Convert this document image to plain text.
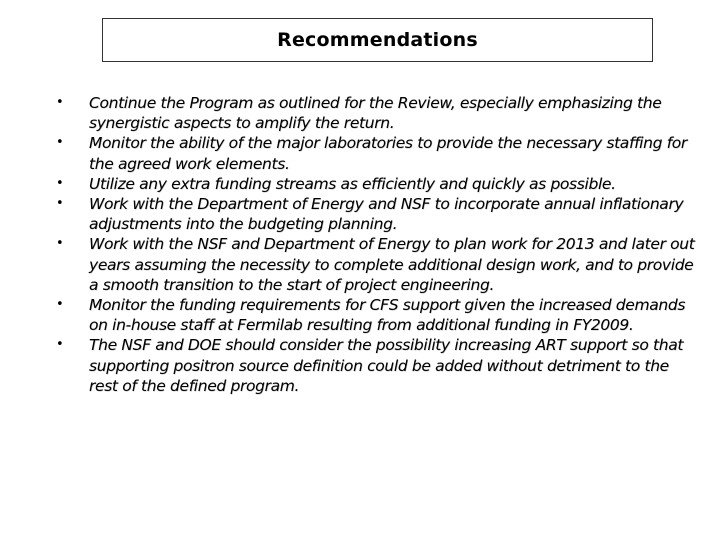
Recommendations
•	Continue the Program as outlined for the Review, especially emphasizing the synergistic aspects to amplify the return.
•	Monitor the ability of the major laboratories to provide the necessary staffing for the agreed work elements.
•	Utilize any extra funding streams as efficiently and quickly as possible.
•	Work with the Department of Energy and NSF to incorporate annual inflationary adjustments into the budgeting planning.
•	Work with the NSF and Department of Energy to plan work for 2013 and later out years assuming the necessity to complete additional design work, and to provide a smooth transition to the start of project engineering.
•	Monitor the funding requirements for CFS support given the increased demands on in-house staff at Fermilab resulting from additional funding in FY2009.
•	The NSF and DOE should consider the possibility increasing ART support so that supporting positron source definition could be added without detriment to the rest of the defined program.
